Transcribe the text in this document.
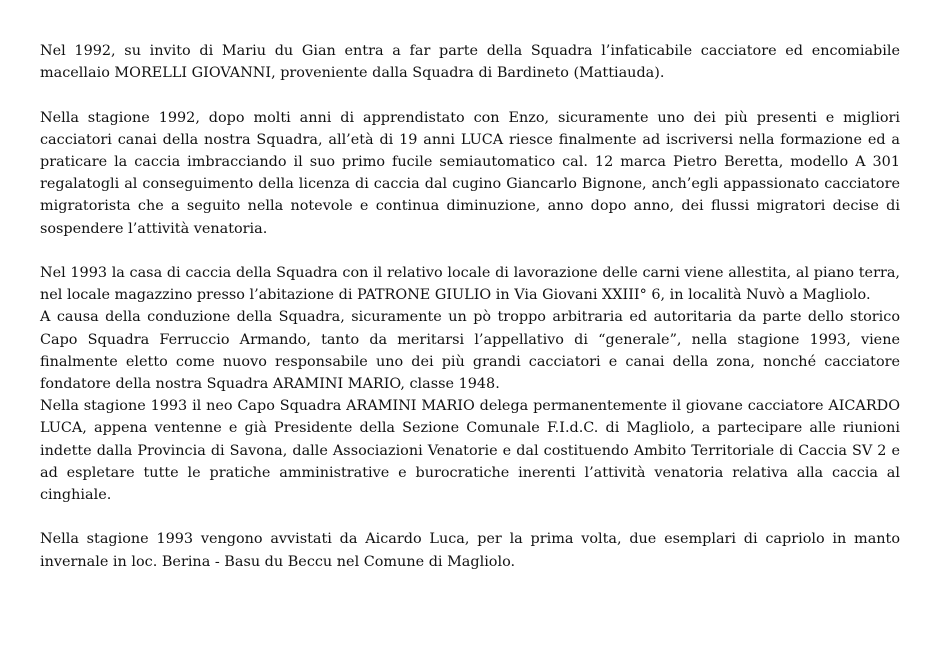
Nel 1992, su invito di Mariu du Gian entra a far parte della Squadra l’infaticabile cacciatore ed encomiabile macellaio MORELLI GIOVANNI, proveniente dalla Squadra di Bardineto (Mattiauda).

Nella stagione 1992, dopo molti anni di apprendistato con Enzo, sicuramente uno dei più presenti e migliori cacciatori canai della nostra Squadra, all’età di 19 anni LUCA riesce finalmente ad iscriversi nella formazione ed a praticare la caccia imbracciando il suo primo fucile semiautomatico cal. 12 marca Pietro Beretta, modello A 301 regalatogli al conseguimento della licenza di caccia dal cugino Giancarlo Bignone, anch’egli appassionato cacciatore migratorista che a seguito nella notevole e continua diminuzione, anno dopo anno, dei flussi migratori decise di sospendere l’attività venatoria.

Nel 1993 la casa di caccia della Squadra con il relativo locale di lavorazione delle carni viene allestita, al piano terra, nel locale magazzino presso l’abitazione di PATRONE GIULIO in Via Giovani XXIII° 6, in località Nuvò a Magliolo.

A causa della conduzione della Squadra, sicuramente un pò troppo arbitraria ed autoritaria da parte dello storico Capo Squadra Ferruccio Armando, tanto da meritarsi l’appellativo di “generale”, nella stagione 1993, viene finalmente eletto come nuovo responsabile uno dei più grandi cacciatori e canai della zona, nonché cacciatore fondatore della nostra Squadra ARAMINI MARIO, classe 1948.

Nella stagione 1993 il neo Capo Squadra ARAMINI MARIO delega permanentemente il giovane cacciatore AICARDO LUCA, appena ventenne e già Presidente della Sezione Comunale F.I.d.C. di Magliolo, a partecipare alle riunioni indette dalla Provincia di Savona, dalle Associazioni Venatorie e dal costituendo Ambito Territoriale di Caccia SV 2 e ad espletare tutte le pratiche amministrative e burocratiche inerenti l’attività venatoria relativa alla caccia al cinghiale.

Nella stagione 1993 vengono avvistati da Aicardo Luca, per la prima volta, due esemplari di capriolo in manto invernale in loc. Berina - Basu du Beccu nel Comune di Magliolo.
